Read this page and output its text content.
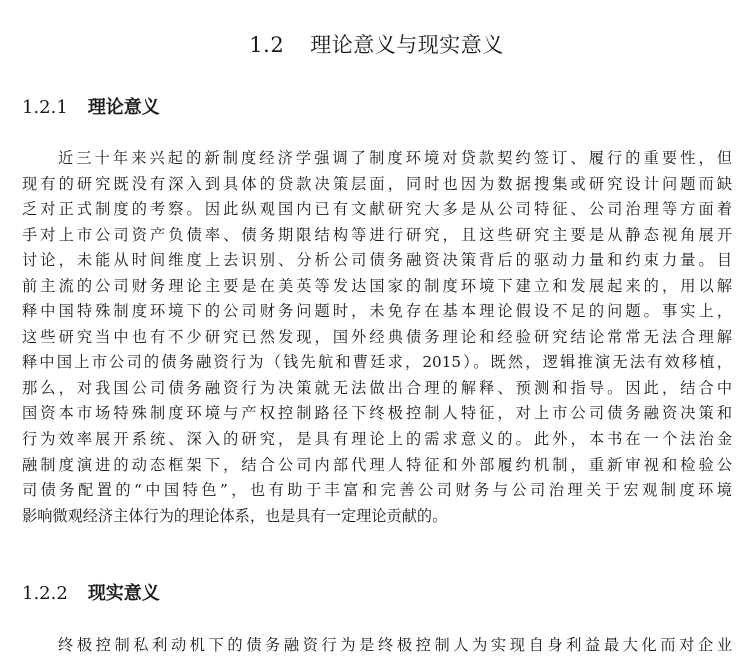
1.2 理论意义与现实意义
1.2.1 理论意义
近三十年来兴起的新制度经济学强调了制度环境对贷款契约签订、履行的重要性，但
现有的研究既没有深入到具体的贷款决策层面，同时也因为数据搜集或研究设计问题而缺
乏对正式制度的考察。因此纵观国内已有文献研究大多是从公司特征、公司治理等方面着
手对上市公司资产负债率、债务期限结构等进行研究，且这些研究主要是从静态视角展开
讨论，未能从时间维度上去识别、分析公司债务融资决策背后的驱动力量和约束力量。目
前主流的公司财务理论主要是在美英等发达国家的制度环境下建立和发展起来的，用以解
释中国特殊制度环境下的公司财务问题时，未免存在基本理论假设不足的问题。事实上，
这些研究当中也有不少研究已然发现，国外经典债务理论和经验研究结论常常无法合理解
释中国上市公司的债务融资行为（钱先航和曹廷求，2015）。既然，逻辑推演无法有效移植，
那么，对我国公司债务融资行为决策就无法做出合理的解释、预测和指导。因此，结合中
国资本市场特殊制度环境与产权控制路径下终极控制人特征，对上市公司债务融资决策和
行为效率展开系统、深入的研究，是具有理论上的需求意义的。此外，本书在一个法治金
融制度演进的动态框架下，结合公司内部代理人特征和外部履约机制，重新审视和检验公
司债务配置的“中国特色”，也有助于丰富和完善公司财务与公司治理关于宏观制度环境
影响微观经济主体行为的理论体系，也是具有一定理论贡献的。
1.2.2 现实意义
终极控制私利动机下的债务融资行为是终极控制人为实现自身利益最大化而对企业
